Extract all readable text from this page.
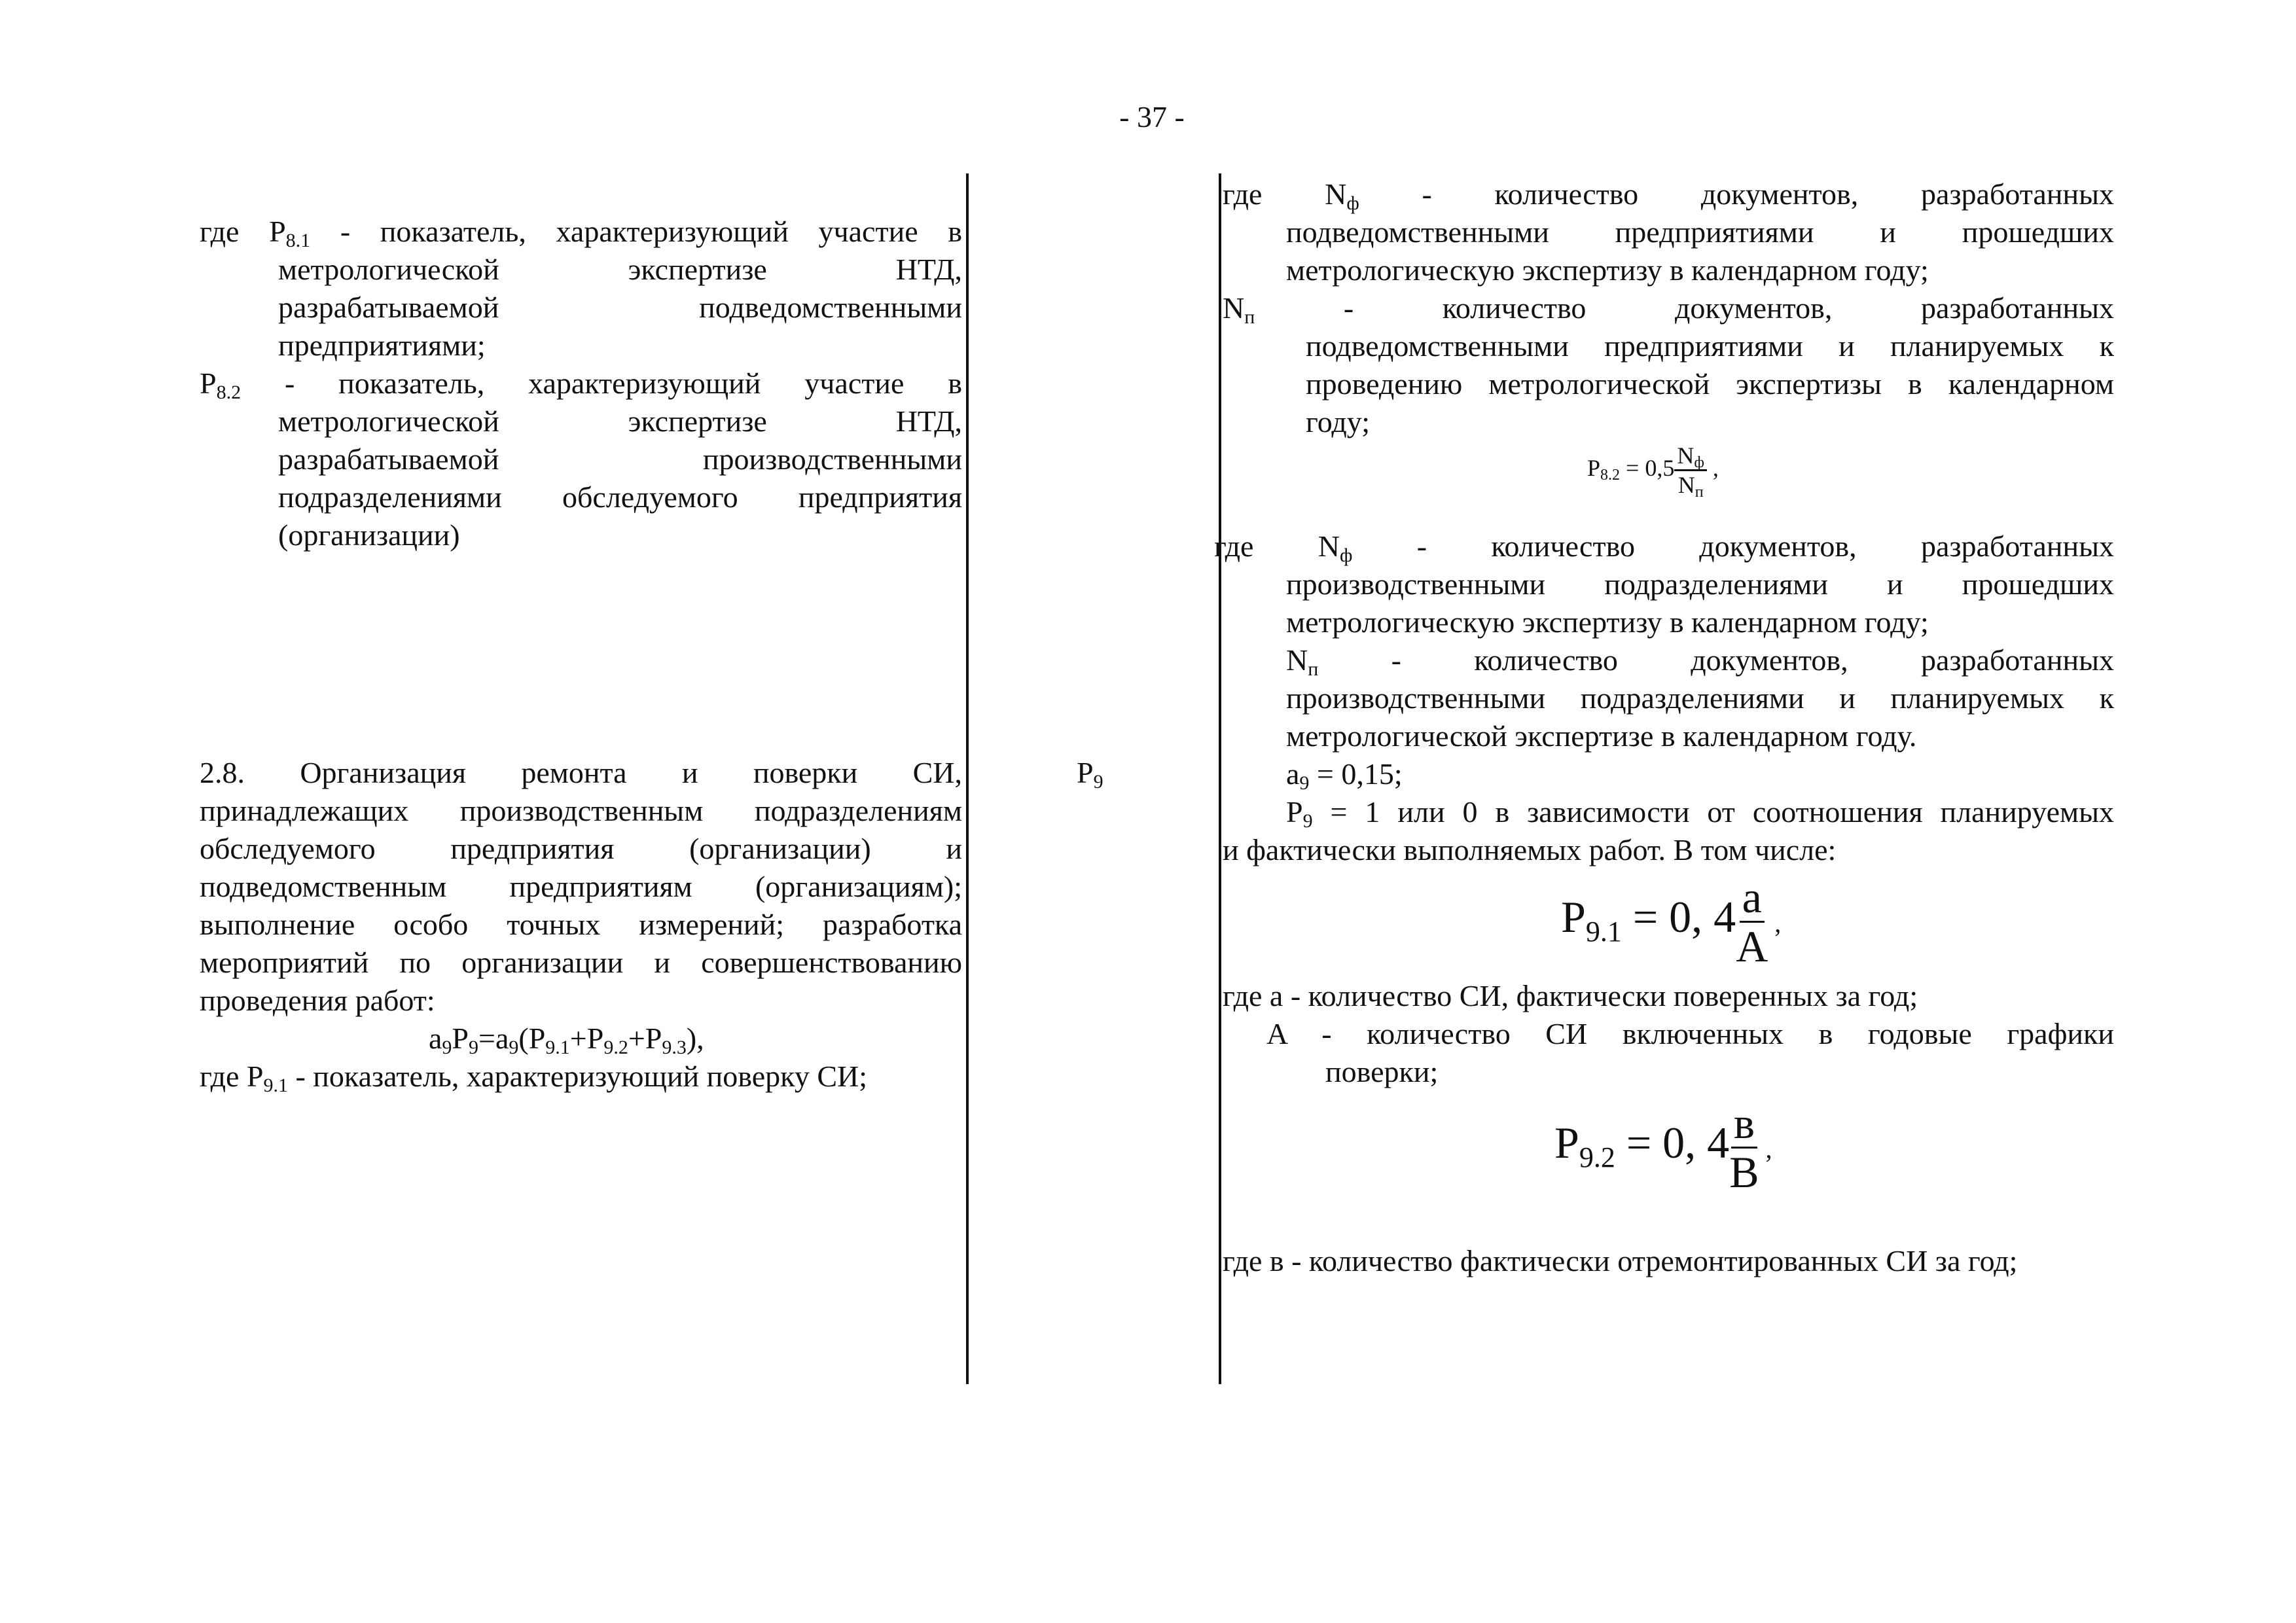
- 37 -
где $P_{8.1}$ - показатель, характеризующий участие в
метрологической экспертизе НТД,
разрабатываемой подведомственными
предприятиями;
$P_{8.2}$ - показатель, характеризующий участие в
метрологической экспертизе НТД,
разрабатываемой производственными
подразделениями обследуемого предприятия
(организации)
2.8. Организация ремонта и поверки СИ,
принадлежащих производственным подразделениям
обследуемого предприятия (организации) и
подведомственным предприятиям (организациям);
выполнение особо точных измерений; разработка
мероприятий по организации и совершенствованию
проведения работ:
$a_9P_9=a_9(P_{9.1}+P_{9.2}+P_{9.3})$,
где $P_{9.1}$ - показатель, характеризующий поверку СИ;
$P_9$
где $N_ф$ - количество документов, разработанных
подведомственными предприятиями и прошедших
метрологическую экспертизу в календарном году;
$N_п$ - количество документов, разработанных
подведомственными предприятиями и планируемых к
проведению метрологической экспертизы в календарном
году;
$P_{8.2} = 0,5 \frac{N_ф}{N_п}$ ,
где $N_ф$ - количество документов, разработанных
производственными подразделениями и прошедших
метрологическую экспертизу в календарном году;
$N_п$ - количество документов, разработанных
производственными подразделениями и планируемых к
метрологической экспертизе в календарном году.
$a_9 = 0,15$;
$P_9 = 1$ или 0 в зависимости от соотношения планируемых
и фактически выполняемых работ. В том числе:
$P_{9.1} = 0$, $4 \frac{a}{A}$ ,
где a - количество СИ, фактически поверенных за год;
A - количество СИ включенных в годовые графики
поверки;
$P_{9.2} = 0$, $4 \frac{в}{B}$ ,
где в - количество фактически отремонтированных СИ за год;
